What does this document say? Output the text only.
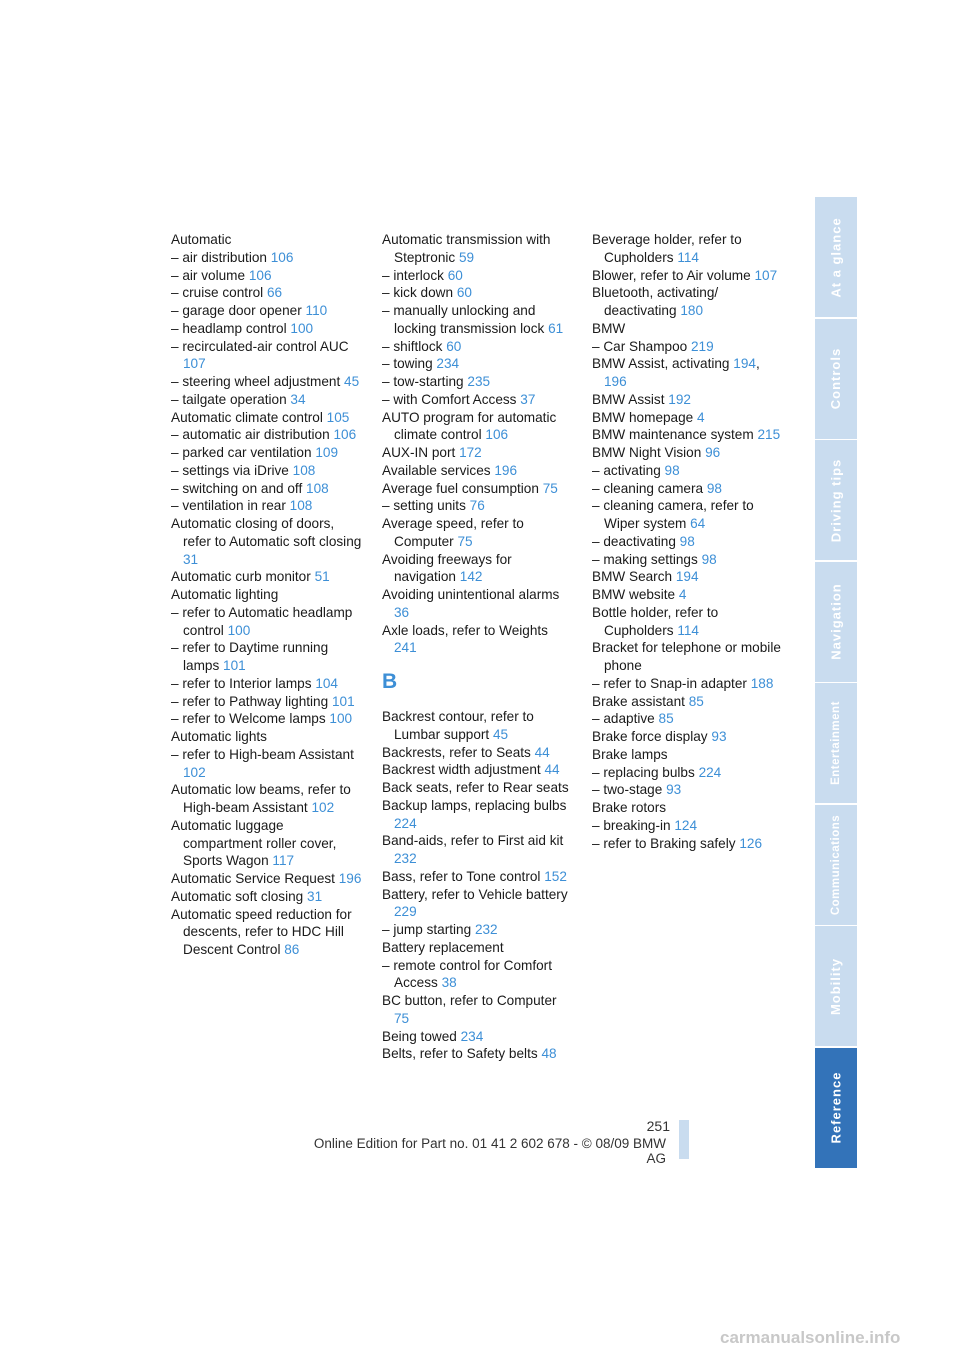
Automatic
– air distribution 106
– air volume 106
– cruise control 66
– garage door opener 110
– headlamp control 100
– recirculated-air control AUC 107
– steering wheel adjustment 45
– tailgate operation 34
Automatic climate control 105
– automatic air distribution 106
– parked car ventilation 109
– settings via iDrive 108
– switching on and off 108
– ventilation in rear 108
Automatic closing of doors, refer to Automatic soft closing 31
Automatic curb monitor 51
Automatic lighting
– refer to Automatic headlamp control 100
– refer to Daytime running lamps 101
– refer to Interior lamps 104
– refer to Pathway lighting 101
– refer to Welcome lamps 100
Automatic lights
– refer to High-beam Assistant 102
Automatic low beams, refer to High-beam Assistant 102
Automatic luggage compartment roller cover, Sports Wagon 117
Automatic Service Request 196
Automatic soft closing 31
Automatic speed reduction for descents, refer to HDC Hill Descent Control 86
Automatic transmission with Steptronic 59
– interlock 60
– kick down 60
– manually unlocking and locking transmission lock 61
– shiftlock 60
– towing 234
– tow-starting 235
– with Comfort Access 37
AUTO program for automatic climate control 106
AUX-IN port 172
Available services 196
Average fuel consumption 75
– setting units 76
Average speed, refer to Computer 75
Avoiding freeways for navigation 142
Avoiding unintentional alarms 36
Axle loads, refer to Weights 241
B
Backrest contour, refer to Lumbar support 45
Backrests, refer to Seats 44
Backrest width adjustment 44
Back seats, refer to Rear seats
Backup lamps, replacing bulbs 224
Band-aids, refer to First aid kit 232
Bass, refer to Tone control 152
Battery, refer to Vehicle battery 229
– jump starting 232
Battery replacement
– remote control for Comfort Access 38
BC button, refer to Computer 75
Being towed 234
Belts, refer to Safety belts 48
Beverage holder, refer to Cupholders 114
Blower, refer to Air volume 107
Bluetooth, activating/ deactivating 180
BMW
– Car Shampoo 219
BMW Assist, activating 194, 196
BMW Assist 192
BMW homepage 4
BMW maintenance system 215
BMW Night Vision 96
– activating 98
– cleaning camera 98
– cleaning camera, refer to Wiper system 64
– deactivating 98
– making settings 98
BMW Search 194
BMW website 4
Bottle holder, refer to Cupholders 114
Bracket for telephone or mobile phone
– refer to Snap-in adapter 188
Brake assistant 85
– adaptive 85
Brake force display 93
Brake lamps
– replacing bulbs 224
– two-stage 93
Brake rotors
– breaking-in 124
– refer to Braking safely 126
At a glance
Controls
Driving tips
Navigation
Entertainment
Communications
Mobility
Reference
251
Online Edition for Part no. 01 41 2 602 678 - © 08/09 BMW AG
carmanualsonline.info
